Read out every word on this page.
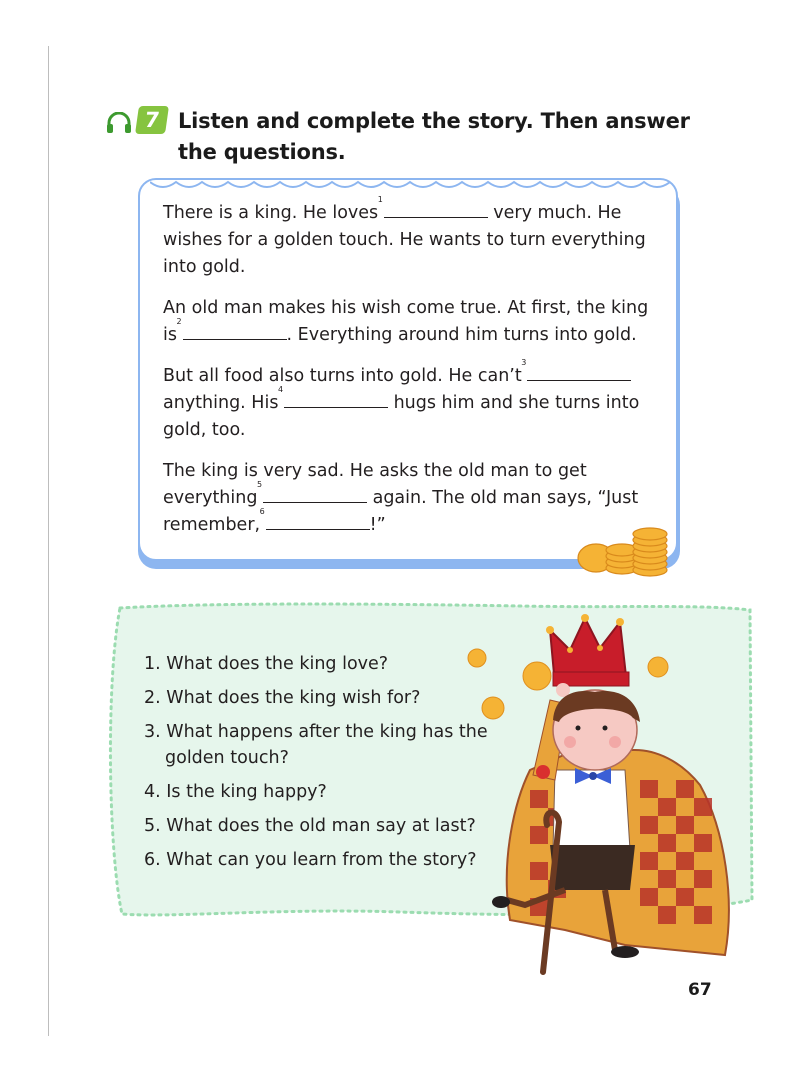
7 Listen and complete the story. Then answer the questions.

There is a king. He loves
1
very much. He wishes for a golden touch. He wants to turn everything into gold.

An old man makes his wish come true. At first, the king is
2
. Everything around him turns into gold.

But all food also turns into gold. He can’t
3
anything. His
4
hugs him and she turns into gold, too.

The king is very sad. He asks the old man to get everything
5
again. The old man says, “Just remember,
6
!”

1. What does the king love?
2. What does the king wish for?
3. What happens after the king has the golden touch?
4. Is the king happy?
5. What does the old man say at last?
6. What can you learn from the story?
67
